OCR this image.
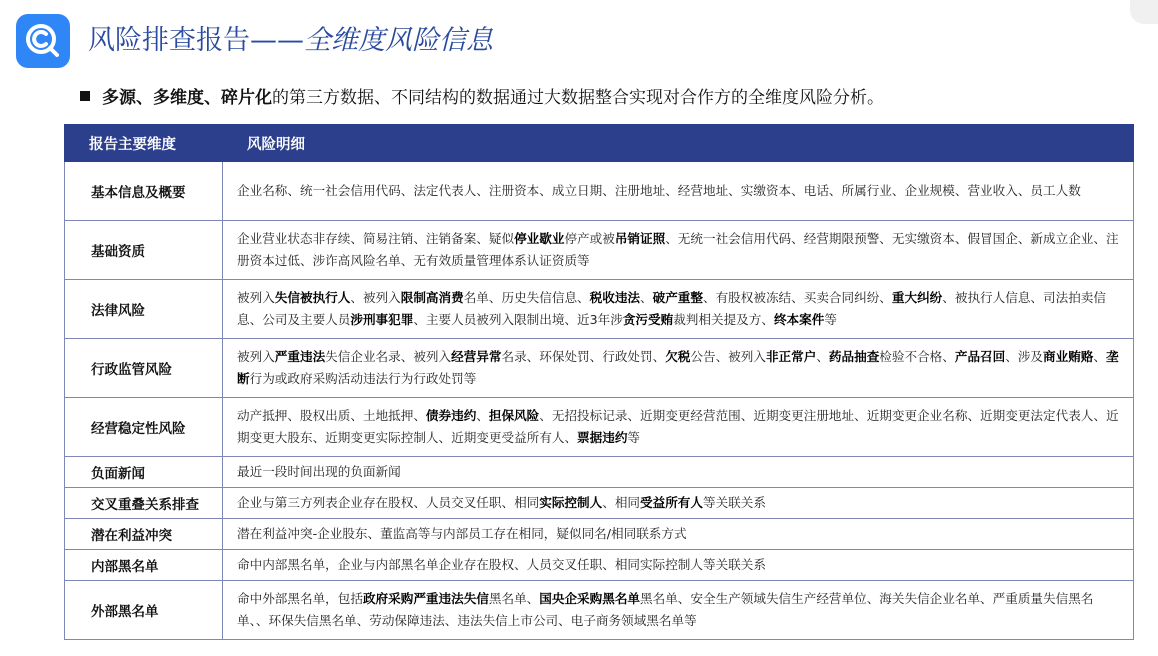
风险排查报告——全维度风险信息
多源、多维度、碎片化的第三方数据、不同结构的数据通过大数据整合实现对合作方的全维度风险分析。
报告主要维度	风险明细
基本信息及概要	企业名称、统一社会信用代码、法定代表人、注册资本、成立日期、注册地址、经营地址、实缴资本、电话、所属行业、企业规模、营业收入、员工人数
基础资质	企业营业状态非存续、简易注销、注销备案、疑似停业歇业停产或被吊销证照、无统一社会信用代码、经营期限预警、无实缴资本、假冒国企、新成立企业、注册资本过低、涉诈高风险名单、无有效质量管理体系认证资质等
法律风险	被列入失信被执行人、被列入限制高消费名单、历史失信信息、税收违法、破产重整、有股权被冻结、买卖合同纠纷、重大纠纷、被执行人信息、司法拍卖信息、公司及主要人员涉刑事犯罪、主要人员被列入限制出境、近3年涉贪污受贿裁判相关提及方、终本案件等
行政监管风险	被列入严重违法失信企业名录、被列入经营异常名录、环保处罚、行政处罚、欠税公告、被列入非正常户、药品抽查检验不合格、产品召回、涉及商业贿赂、垄断行为或政府采购活动违法行为行政处罚等
经营稳定性风险	动产抵押、股权出质、土地抵押、债券违约、担保风险、无招投标记录、近期变更经营范围、近期变更注册地址、近期变更企业名称、近期变更法定代表人、近期变更大股东、近期变更实际控制人、近期变更受益所有人、票据违约等
负面新闻	最近一段时间出现的负面新闻
交叉重叠关系排查	企业与第三方列表企业存在股权、人员交叉任职、相同实际控制人、相同受益所有人等关联关系
潜在利益冲突	潜在利益冲突-企业股东、董监高等与内部员工存在相同，疑似同名/相同联系方式
内部黑名单	命中内部黑名单，企业与内部黑名单企业存在股权、人员交叉任职、相同实际控制人等关联关系
外部黑名单	命中外部黑名单，包括政府采购严重违法失信黑名单、国央企采购黑名单黑名单、安全生产领域失信生产经营单位、海关失信企业名单、严重质量失信黑名单、、环保失信黑名单、劳动保障违法、违法失信上市公司、电子商务领域黑名单等
